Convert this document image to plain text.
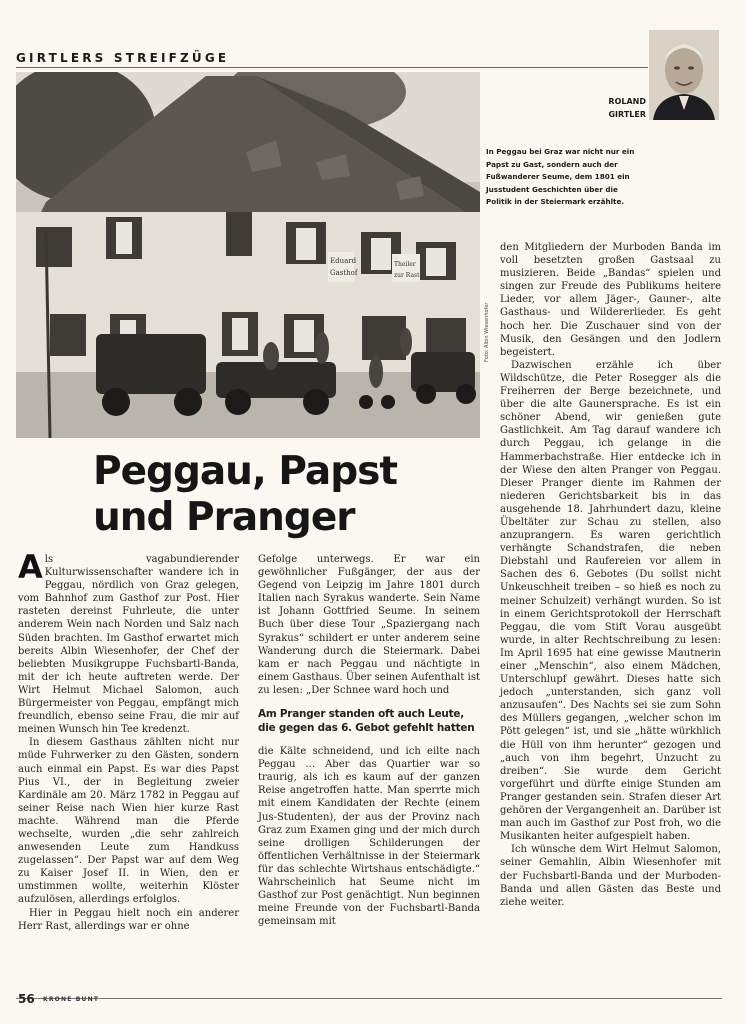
GIRTLERS STREIFZÜGE
ROLAND
GIRTLER
In Peggau bei Graz war nicht nur ein Papst zu Gast, sondern auch der Fußwanderer Seume, dem 1801 ein Jusstudent Geschichten über die Politik in der Steiermark erzählte.
Eduard
Gasthof
Theiler
zur Rast
Foto: Albin Wiesenhofer
Peggau, Papst
und Pranger

Als vagabundierender Kulturwissenschafter wandere ich in Peggau, nördlich von Graz gelegen, vom Bahnhof zum Gasthof zur Post. Hier rasteten dereinst Fuhrleute, die unter anderem Wein nach Norden und Salz nach Süden brachten. Im Gasthof erwartet mich bereits Albin Wiesenhofer, der Chef der beliebten Musikgruppe Fuchsbartl-Banda, mit der ich heute auftreten werde. Der Wirt Helmut Michael Salomon, auch Bürgermeister von Peggau, empfängt mich freundlich, ebenso seine Frau, die mir auf meinen Wunsch hin Tee kredenzt.

In diesem Gasthaus zählten nicht nur müde Fuhrwerker zu den Gästen, sondern auch einmal ein Papst. Es war dies Papst Pius VI., der in Begleitung zweier Kardinäle am 20. März 1782 in Peggau auf seiner Reise nach Wien hier kurze Rast machte. Während man die Pferde wechselte, wurden „die sehr zahlreich anwesenden Leute zum Handkuss zugelassen“. Der Papst war auf dem Weg zu Kaiser Josef II. in Wien, den er umstimmen wollte, weiterhin Klöster aufzulösen, allerdings erfolglos.

Hier in Peggau hielt noch ein anderer Herr Rast, allerdings war er ohne

Gefolge unterwegs. Er war ein gewöhnlicher Fußgänger, der aus der Gegend von Leipzig im Jahre 1801 durch Italien nach Syrakus wanderte. Sein Name ist Johann Gottfried Seume. In seinem Buch über diese Tour „Spaziergang nach Syrakus“ schildert er unter anderem seine Wanderung durch die Steiermark. Dabei kam er nach Peggau und nächtigte in einem Gasthaus. Über seinen Aufenthalt ist zu lesen: „Der Schnee ward hoch und

Am Pranger standen oft auch Leute, die gegen das 6. Gebot gefehlt hatten

die Kälte schneidend, und ich eilte nach Peggau … Aber das Quartier war so traurig, als ich es kaum auf der ganzen Reise angetroffen hatte. Man sperrte mich mit einem Kandidaten der Rechte (einem Jus-Studenten), der aus der Provinz nach Graz zum Examen ging und der mich durch seine drolligen Schilderungen der öffentlichen Verhältnisse in der Steiermark für das schlechte Wirtshaus entschädigte.“ Wahrscheinlich hat Seume nicht im Gasthof zur Post genächtigt. Nun beginnen meine Freunde von der Fuchsbartl-Banda gemeinsam mit

den Mitgliedern der Murboden Banda im voll besetzten großen Gastsaal zu musizieren. Beide „Bandas“ spielen und singen zur Freude des Publikums heitere Lieder, vor allem Jäger-, Gauner-, alte Gasthaus- und Wildererlieder. Es geht hoch her. Die Zuschauer sind von der Musik, den Gesängen und den Jodlern begeistert.

Dazwischen erzähle ich über Wildschütze, die Peter Rosegger als die Freiherren der Berge bezeichnete, und über die alte Gaunersprache. Es ist ein schöner Abend, wir genießen gute Gastlichkeit. Am Tag darauf wandere ich durch Peggau, ich gelange in die Hammerbachstraße. Hier entdecke ich in der Wiese den alten Pranger von Peggau. Dieser Pranger diente im Rahmen der niederen Gerichtsbarkeit bis in das ausgehende 18. Jahrhundert dazu, kleine Übeltäter zur Schau zu stellen, also anzuprangern. Es waren gerichtlich verhängte Schandstrafen, die neben Diebstahl und Raufereien vor allem in Sachen des 6. Gebotes (Du sollst nicht Unkeuschheit treiben – so hieß es noch zu meiner Schulzeit) verhängt wurden. So ist in einem Gerichtsprotokoll der Herrschaft Peggau, die vom Stift Vorau ausgeübt wurde, in alter Rechtschreibung zu lesen: Im April 1695 hat eine gewisse Mautnerin einer „Menschin“, also einem Mädchen, Unterschlupf gewährt. Dieses hatte sich jedoch „unterstanden, sich ganz voll anzusaufen“. Des Nachts sei sie zum Sohn des Müllers gegangen, „welcher schon im Pött gelegen“ ist, und sie „hätte würkhlich die Hüll von ihm herunter“ gezogen und „auch von ihm begehrt, Unzucht zu dreiben“. Sie wurde dem Gericht vorgeführt und dürfte einige Stunden am Pranger gestanden sein. Strafen dieser Art gehören der Vergangenheit an. Darüber ist man auch im Gasthof zur Post froh, wo die Musikanten heiter aufgespielt haben.

Ich wünsche dem Wirt Helmut Salomon, seiner Gemahlin, Albin Wiesenhofer mit der Fuchsbartl-Banda und der Murboden-Banda und allen Gästen das Beste und ziehe weiter.

56 KRONE BUNT
